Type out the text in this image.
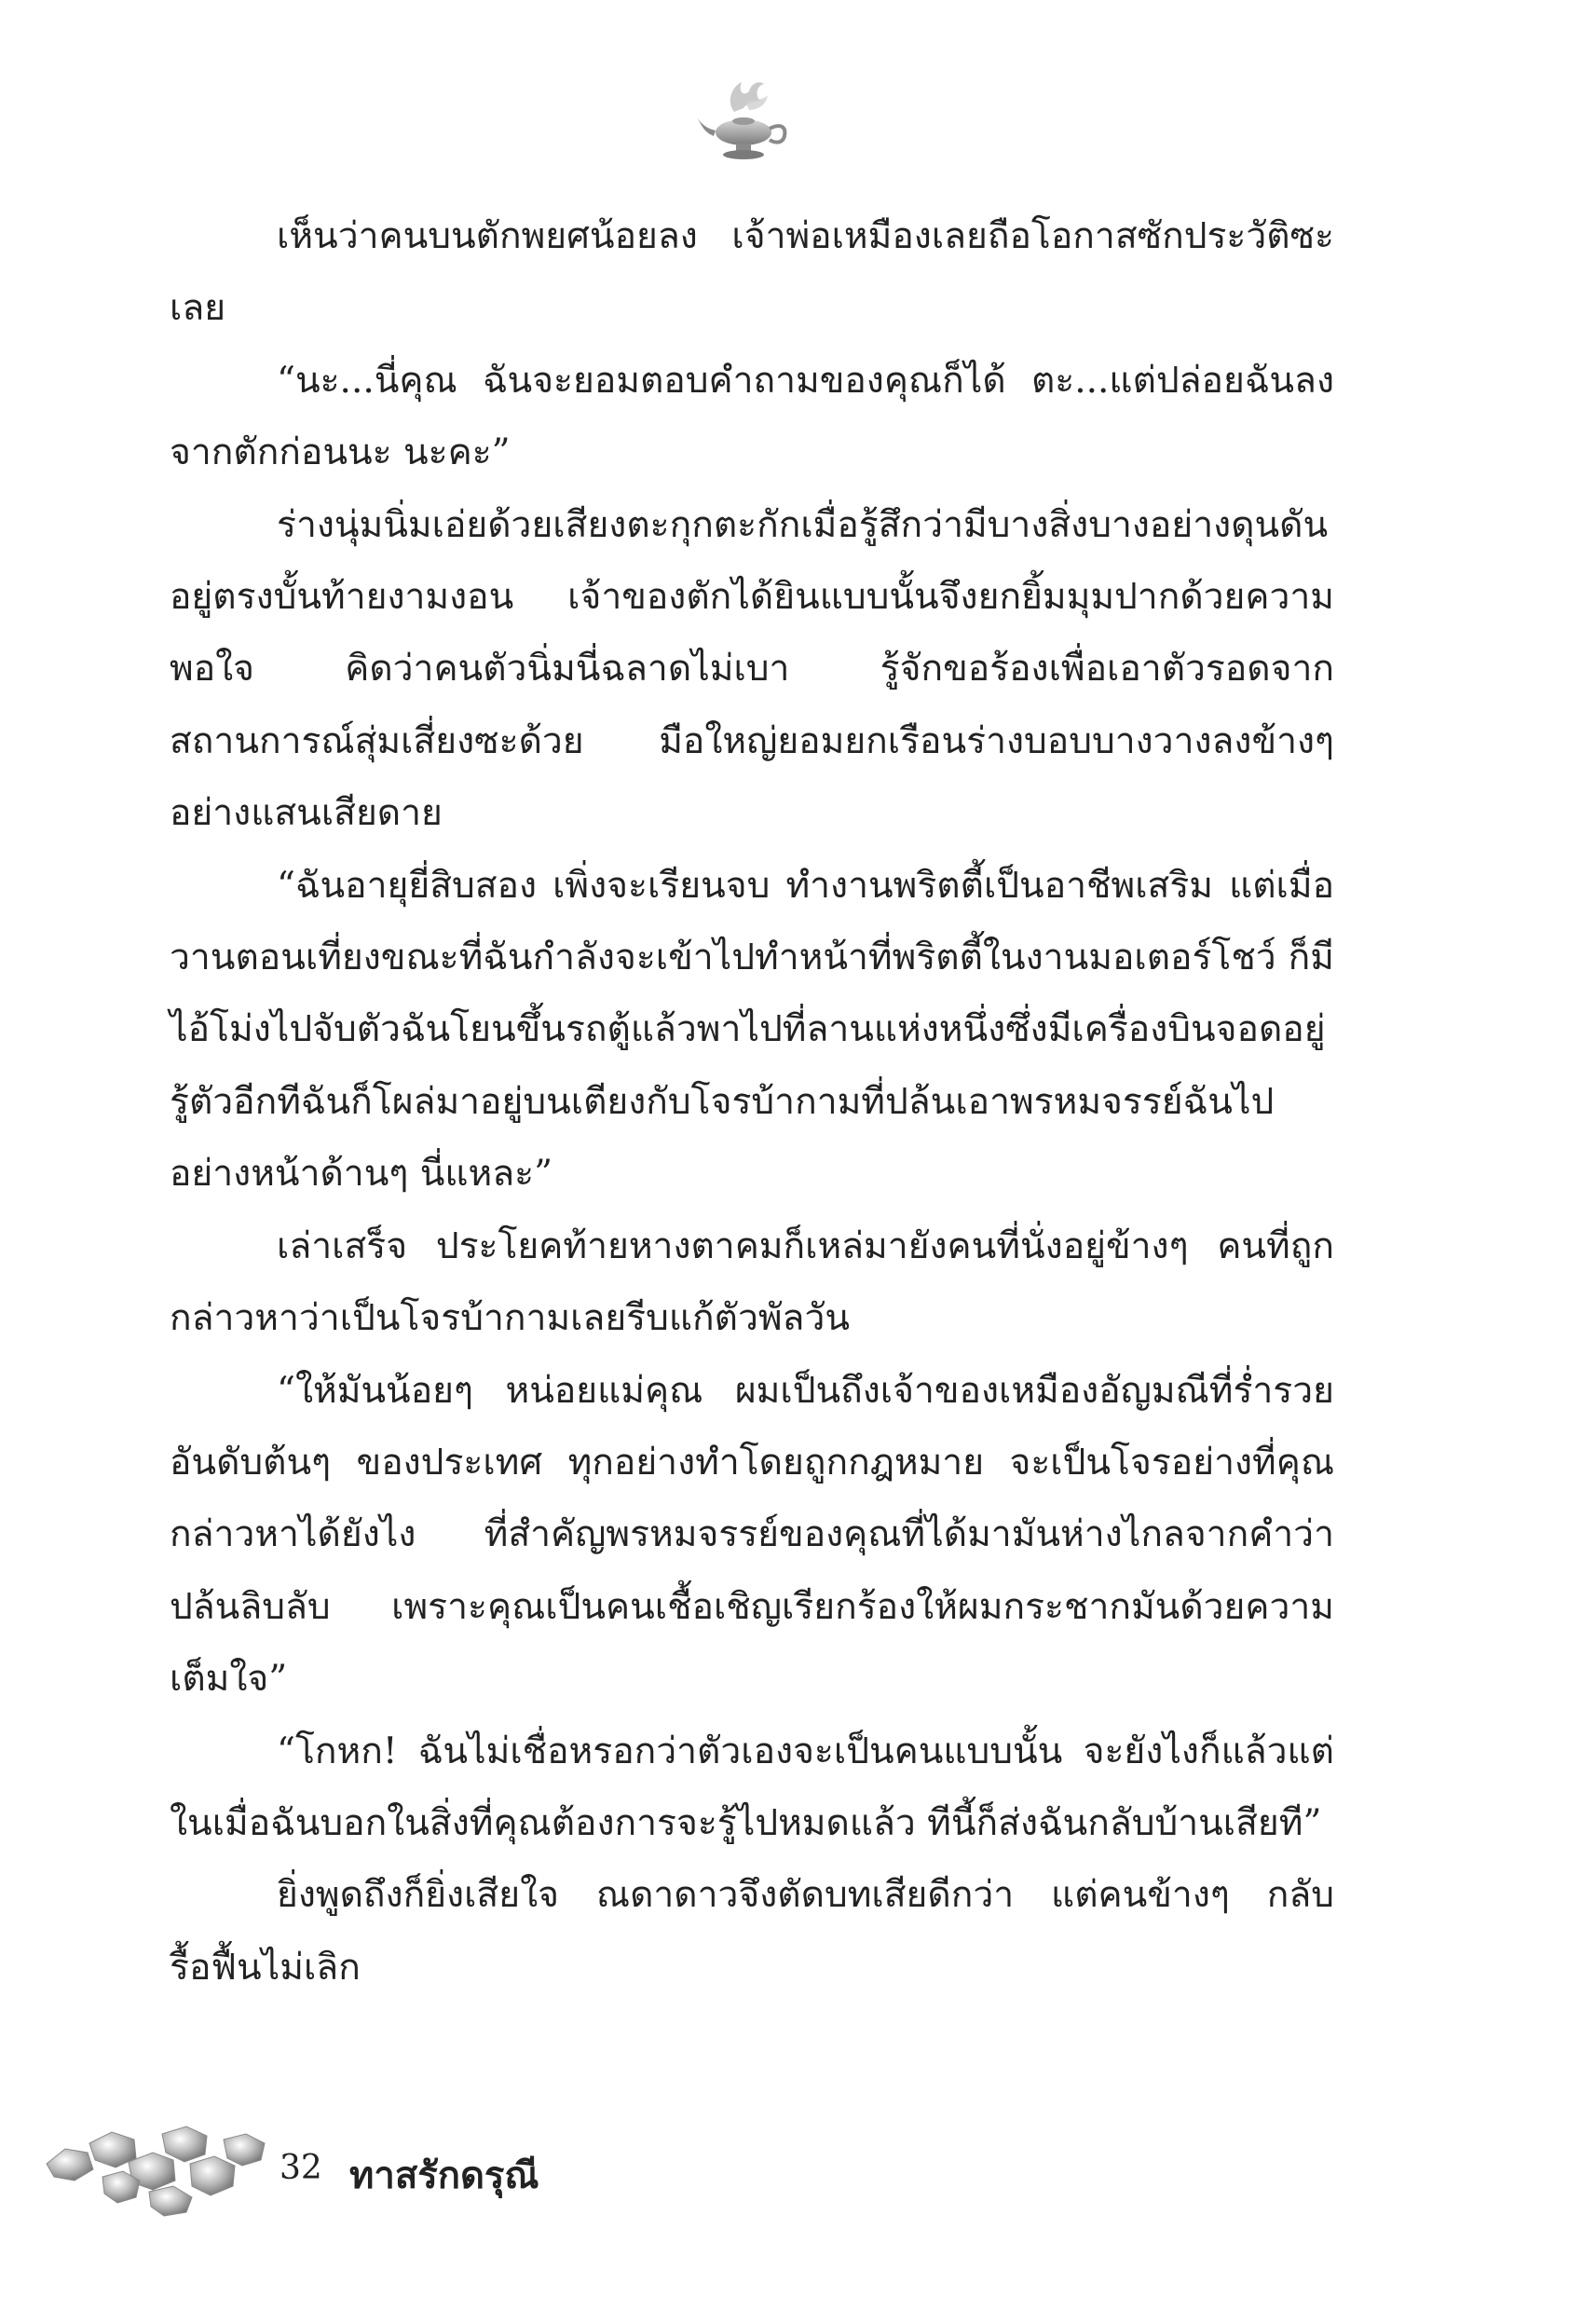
เห็นว่าคนบนตักพยศน้อยลง เจ้าพ่อเหมืองเลยถือโอกาสซักประวัติซะเลย

“นะ...นี่คุณ ฉันจะยอมตอบคำถามของคุณก็ได้ ตะ...แต่ปล่อยฉันลงจากตักก่อนนะ นะคะ”

ร่างนุ่มนิ่มเอ่ยด้วยเสียงตะกุกตะกักเมื่อรู้สึกว่ามีบางสิ่งบางอย่างดุนดันอยู่ตรงบั้นท้ายงามงอน เจ้าของตักได้ยินแบบนั้นจึงยกยิ้มมุมปากด้วยความพอใจ คิดว่าคนตัวนิ่มนี่ฉลาดไม่เบา รู้จักขอร้องเพื่อเอาตัวรอดจากสถานการณ์สุ่มเสี่ยงซะด้วย มือใหญ่ยอมยกเรือนร่างบอบบางวางลงข้างๆ อย่างแสนเสียดาย

“ฉันอายุยี่สิบสอง เพิ่งจะเรียนจบ ทำงานพริตตี้เป็นอาชีพเสริม แต่เมื่อวานตอนเที่ยงขณะที่ฉันกำลังจะเข้าไปทำหน้าที่พริตตี้ในงานมอเตอร์โชว์ ก็มีไอ้โม่งไปจับตัวฉันโยนขึ้นรถตู้แล้วพาไปที่ลานแห่งหนึ่งซึ่งมีเครื่องบินจอดอยู่ รู้ตัวอีกทีฉันก็โผล่มาอยู่บนเตียงกับโจรบ้ากามที่ปล้นเอาพรหมจรรย์ฉันไปอย่างหน้าด้านๆ นี่แหละ”

เล่าเสร็จ ประโยคท้ายหางตาคมก็เหล่มายังคนที่นั่งอยู่ข้างๆ คนที่ถูกกล่าวหาว่าเป็นโจรบ้ากามเลยรีบแก้ตัวพัลวัน

“ให้มันน้อยๆ หน่อยแม่คุณ ผมเป็นถึงเจ้าของเหมืองอัญมณีที่ร่ำรวยอันดับต้นๆ ของประเทศ ทุกอย่างทำโดยถูกกฎหมาย จะเป็นโจรอย่างที่คุณกล่าวหาได้ยังไง ที่สำคัญพรหมจรรย์ของคุณที่ได้มามันห่างไกลจากคำว่าปล้นลิบลับ เพราะคุณเป็นคนเชื้อเชิญเรียกร้องให้ผมกระชากมันด้วยความเต็มใจ”

“โกหก! ฉันไม่เชื่อหรอกว่าตัวเองจะเป็นคนแบบนั้น จะยังไงก็แล้วแต่ ในเมื่อฉันบอกในสิ่งที่คุณต้องการจะรู้ไปหมดแล้ว ทีนี้ก็ส่งฉันกลับบ้านเสียที”

ยิ่งพูดถึงก็ยิ่งเสียใจ ณดาดาวจึงตัดบทเสียดีกว่า แต่คนข้างๆ กลับรื้อฟื้นไม่เลิก

32 ทาสรักดรุณี
